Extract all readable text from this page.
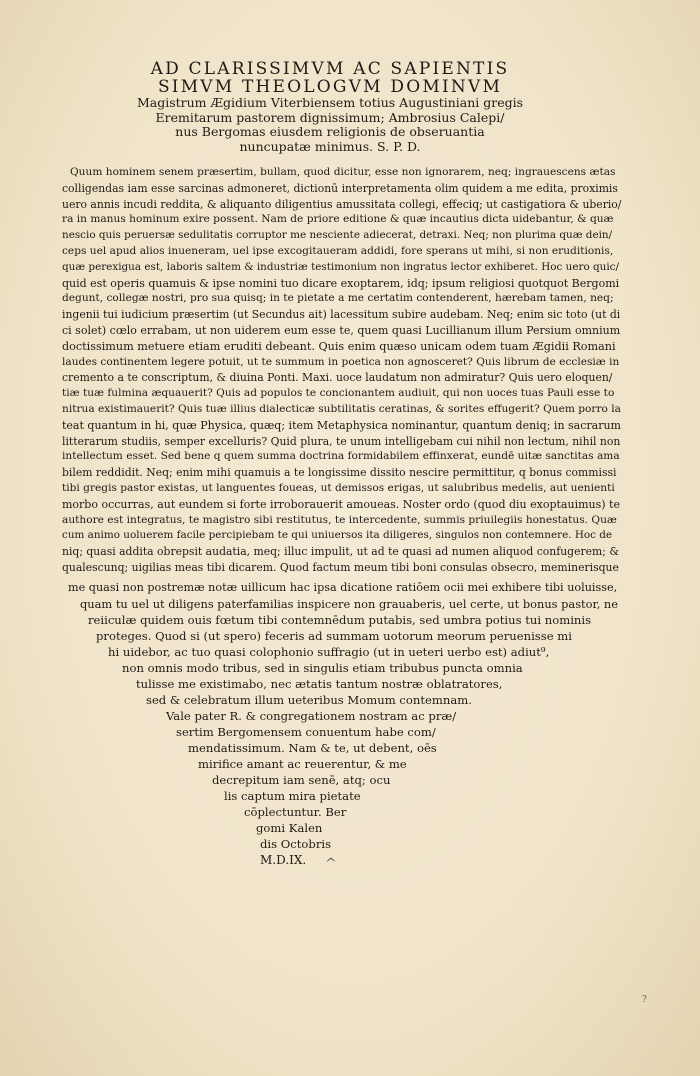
AD CLARISSIMVM AC SAPIENTIS
SIMVM THEOLOGVM DOMINVM
Magistrum Ægidium Viterbiensem totius Augustiniani gregis
Eremitarum pastorem dignissimum; Ambrosius Calepi/
nus Bergomas eiusdem religionis de obseruantia
nuncupatæ minimus. S. P. D.
Quum hominem senem præsertim, bullam, quod dicitur, esse non ignorarem, neq; ingrauescens ætas
colligendas iam esse sarcinas admoneret, dictionū interpretamenta olim quidem a me edita, proximis
uero annis incudi reddita, & aliquanto diligentius amussitata collegi, effeciq; ut castigatiora & uberio/
ra in manus hominum exire possent. Nam de priore editione & quæ incautius dicta uidebantur, & quæ
nescio quis peruersæ sedulitatis corruptor me nesciente adiecerat, detraxi. Neq; non plurima quæ dein/
ceps uel apud alios inueneram, uel ipse excogitaueram addidi, fore sperans ut mihi, si non eruditionis,
quæ perexigua est, laboris saltem & industriæ testimonium non ingratus lector exhiberet. Hoc uero quic/
quid est operis quamuis & ipse nomini tuo dicare exoptarem, idq; ipsum religiosi quotquot Bergomi
degunt, collegæ nostri, pro sua quisq; in te pietate a me certatim contenderent, hærebam tamen, neq;
ingenii tui iudicium præsertim (ut Secundus ait) lacessitum subire audebam. Neq; enim sic toto (ut di
ci solet) cœlo errabam, ut non uiderem eum esse te, quem quasi Lucillianum illum Persium omnium
doctissimum metuere etiam eruditi debeant. Quis enim quæso unicam odem tuam Ægidii Romani
laudes continentem legere potuit, ut te summum in poetica non agnosceret? Quis librum de ecclesiæ in
cremento a te conscriptum, & diuina Ponti. Maxi. uoce laudatum non admiratur? Quis uero eloquen/
tiæ tuæ fulmina æquauerit? Quis ad populos te concionantem audiuit, qui non uoces tuas Pauli esse to
nitrua existimauerit? Quis tuæ illius dialecticæ subtilitatis ceratinas, & sorites effugerit? Quem porro la
teat quantum in hi, quæ Physica, quæq; item Metaphysica nominantur, quantum deniq; in sacrarum
litterarum studiis, semper excelluris? Quid plura, te unum intelligebam cui nihil non lectum, nihil non
intellectum esset. Sed bene q quem summa doctrina formidabilem effinxerat, eundē uitæ sanctitas ama
bilem reddidit. Neq; enim mihi quamuis a te longissime dissito nescire permittitur, q bonus commissi
tibi gregis pastor existas, ut languentes foueas, ut demissos erigas, ut salubribus medelis, aut uenienti
morbo occurras, aut eundem si forte irroborauerit amoueas. Noster ordo (quod diu exoptauimus) te
authore est integratus, te magistro sibi restitutus, te intercedente, summis priuilegiis honestatus. Quæ
cum animo uoluerem facile percipiebam te qui uniuersos ita diligeres, singulos non contemnere. Hoc de
niq; quasi addita obrepsit audatia, meq; illuc impulit, ut ad te quasi ad numen aliquod confugerem; &
qualescunq; uigilias meas tibi dicarem. Quod factum meum tibi boni consulas obsecro, meminerisque
me quasi non postremæ notæ uillicum hac ipsa dicatione ratiōem ocii mei exhibere tibi uoluisse,
quam tu uel ut diligens paterfamilias inspicere non grauaberis, uel certe, ut bonus pastor, ne
reiiculæ quidem ouis fœtum tibi contemnēdum putabis, sed umbra potius tui nominis
proteges. Quod si (ut spero) feceris ad summam uotorum meorum peruenisse mi
hi uidebor, ac tuo quasi colophonio suffragio (ut in ueteri uerbo est) adiut⁹,
non omnis modo tribus, sed in singulis etiam tribubus puncta omnia
tulisse me existimabo, nec ætatis tantum nostræ oblatratores,
sed & celebratum illum ueteribus Momum contemnam.
Vale pater R. & congregationem nostram ac præ/
sertim Bergomensem conuentum habe com/
mendatissimum. Nam & te, ut debent, oēs
mirifice amant ac reuerentur, & me
decrepitum iam senē, atq; ocu
lis captum mira pietate
cōplectuntur. Ber
gomi Kalen
dis Octobris
M.D.IX.	^
?
